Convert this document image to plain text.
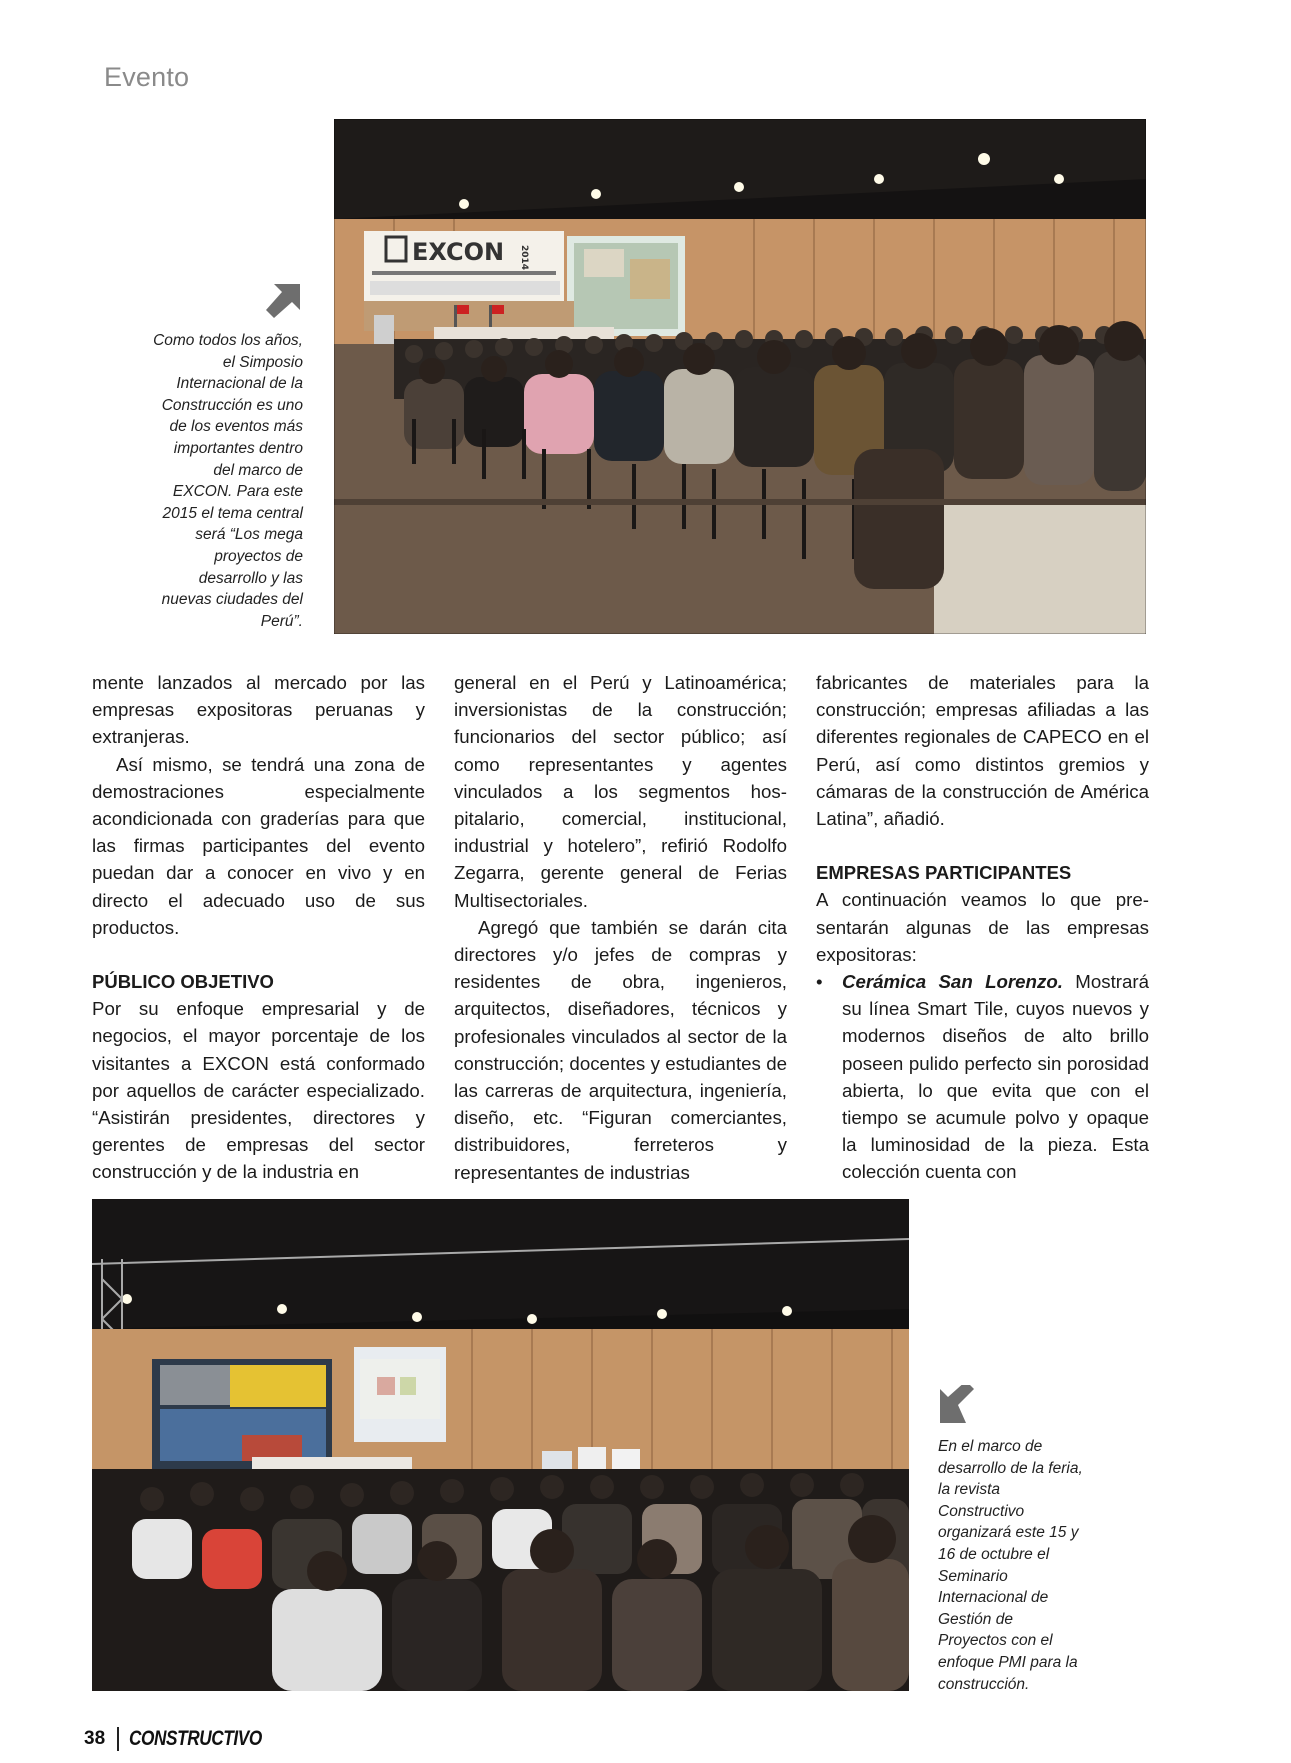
Evento
EXCON 2014
Como todos los años, el Simposio Internacional de la Construcción es uno de los eventos más importantes dentro del marco de EXCON. Para este 2015 el tema central será “Los mega proyectos de desarrollo y las nuevas ciudades del Perú”.

mente lanzados al mercado por las empresas expositoras peruanas y extranjeras.

Así mismo, se tendrá una zona de demostraciones especialmente acondicionada con graderías para que las firmas participantes del evento puedan dar a conocer en vivo y en directo el adecuado uso de sus productos.

PÚBLICO OBJETIVO

Por su enfoque empresarial y de negocios, el mayor porcentaje de los visitantes a EXCON está conformado por aquellos de carácter especializado. “Asistirán presidentes, directores y gerentes de empresas del sector construcción y de la industria en

general en el Perú y Latinoamérica; inversionistas de la construcción; funcionarios del sector público; así como representantes y agentes vinculados a los segmentos hospitalario, comercial, institucional, industrial y hotelero”, refirió Rodolfo Zegarra, gerente general de Ferias Multisectoriales.

Agregó que también se darán cita directores y/o jefes de compras y residentes de obra, ingenieros, arquitectos, diseñadores, técnicos y profesionales vinculados al sector de la construcción; docentes y estudiantes de las carreras de arquitectura, ingeniería, diseño, etc. “Figuran comerciantes, distribuidores, ferreteros y representantes de industrias

fabricantes de materiales para la construcción; empresas afiliadas a las diferentes regionales de CAPECO en el Perú, así como distintos gremios y cámaras de la construcción de América Latina”, añadió.

EMPRESAS PARTICIPANTES

A continuación veamos lo que presentarán algunas de las empresas expositoras:

•	Cerámica San Lorenzo. Mostrará su línea Smart Tile, cuyos nuevos y modernos diseños de alto brillo poseen pulido perfecto sin porosidad abierta, lo que evita que con el tiempo se acumule polvo y opaque la luminosidad de la pieza. Esta colección cuenta con
En el marco de desarrollo de la feria, la revista Constructivo organizará este 15 y 16 de octubre el Seminario Internacional de Gestión de Proyectos con el enfoque PMI para la construcción.
38 CONSTRUCTIVO
